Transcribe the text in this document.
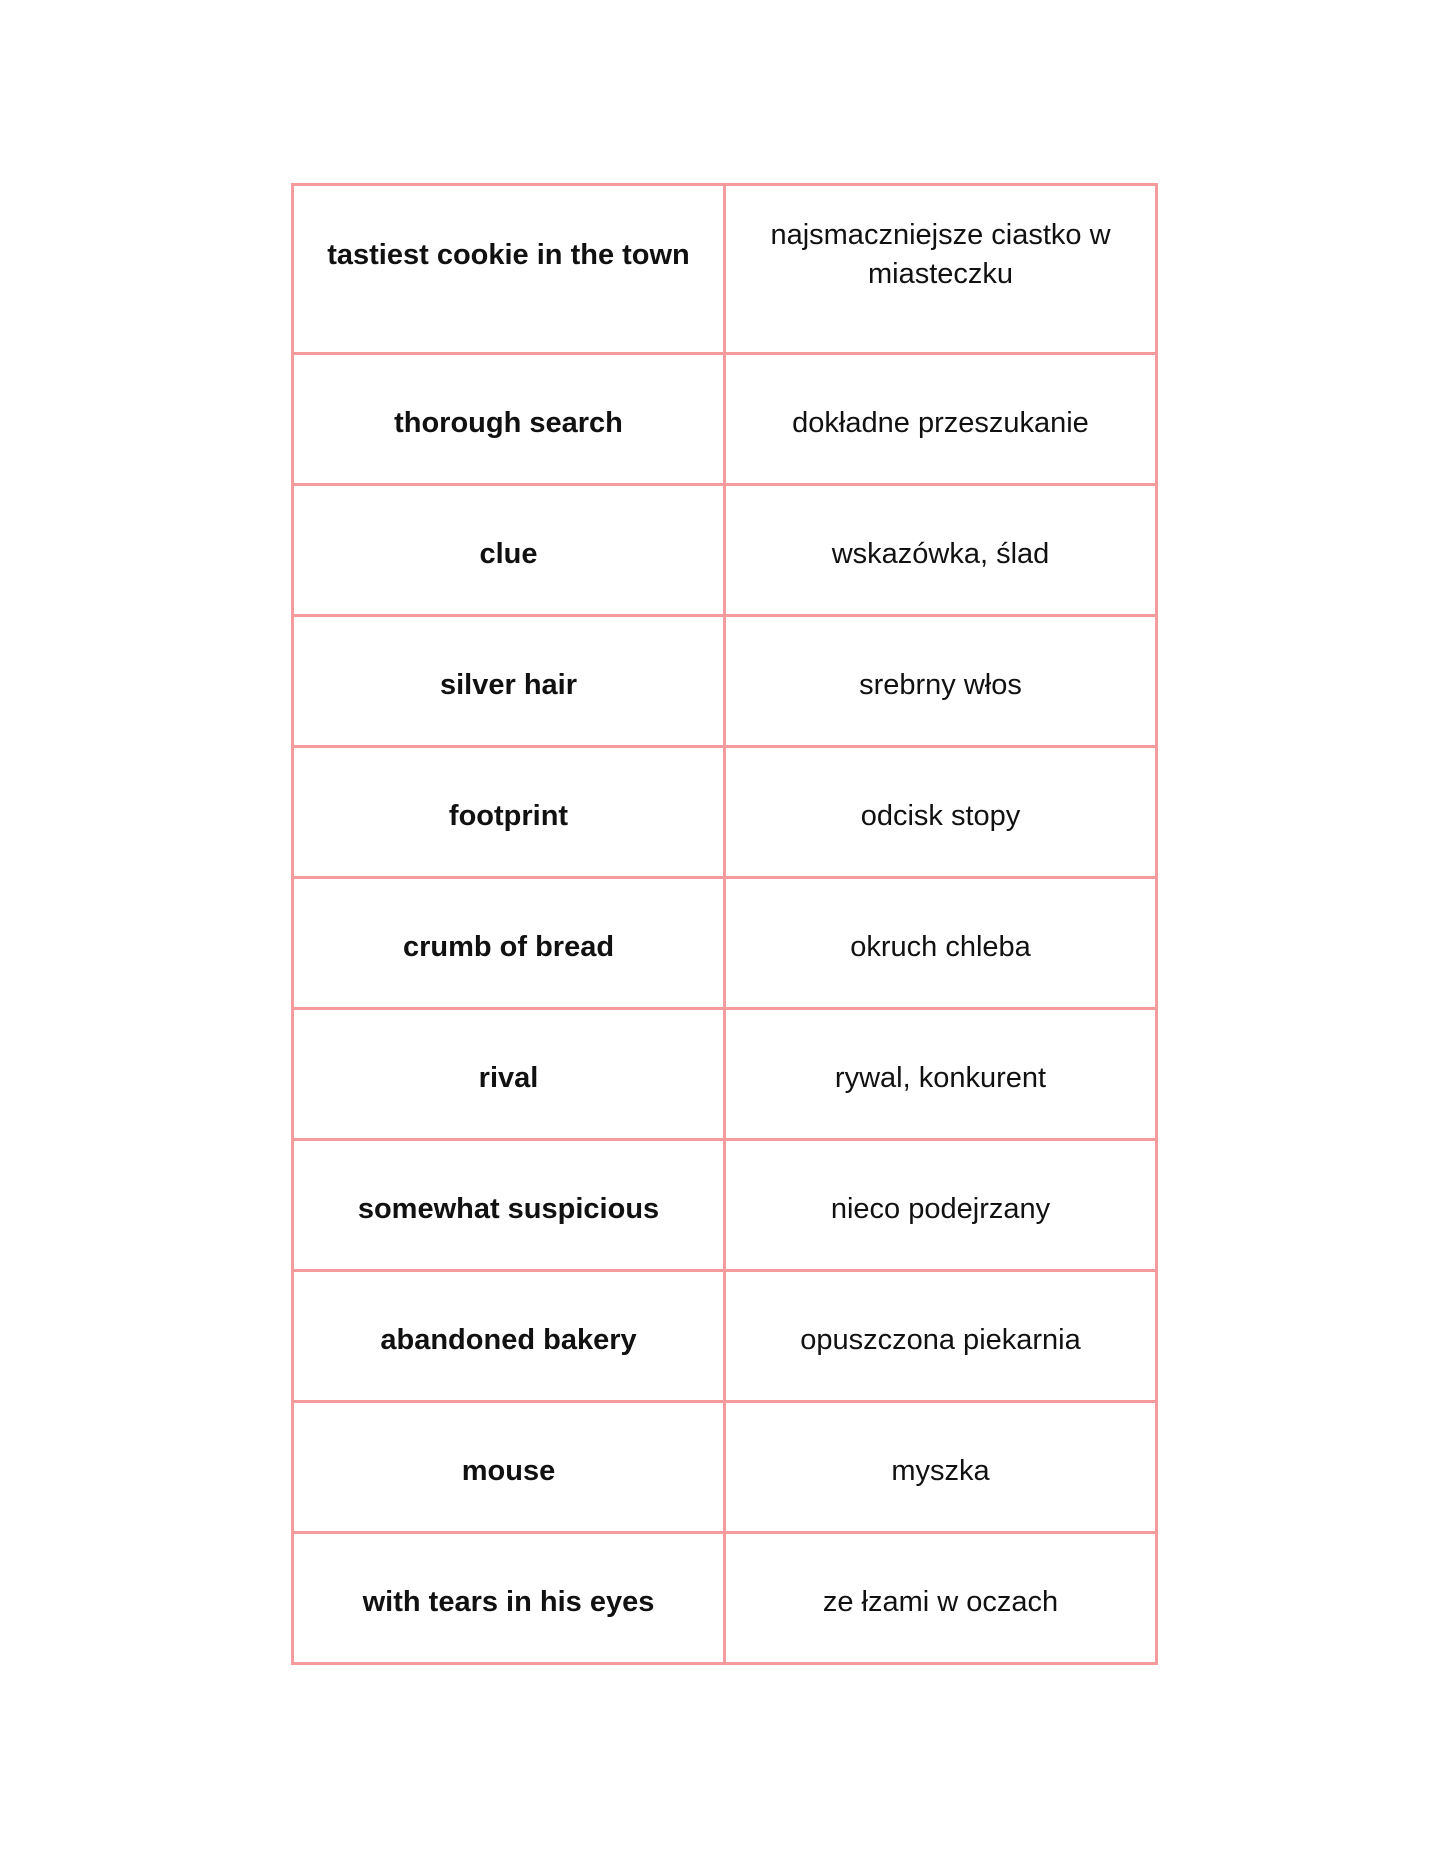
tastiest cookie in the town	najsmaczniejsze ciastko w miasteczku

thorough search	dokładne przeszukanie

clue	wskazówka, ślad

silver hair	srebrny włos

footprint	odcisk stopy

crumb of bread	okruch chleba

rival	rywal, konkurent

somewhat suspicious	nieco podejrzany

abandoned bakery	opuszczona piekarnia

mouse	myszka

with tears in his eyes	ze łzami w oczach
